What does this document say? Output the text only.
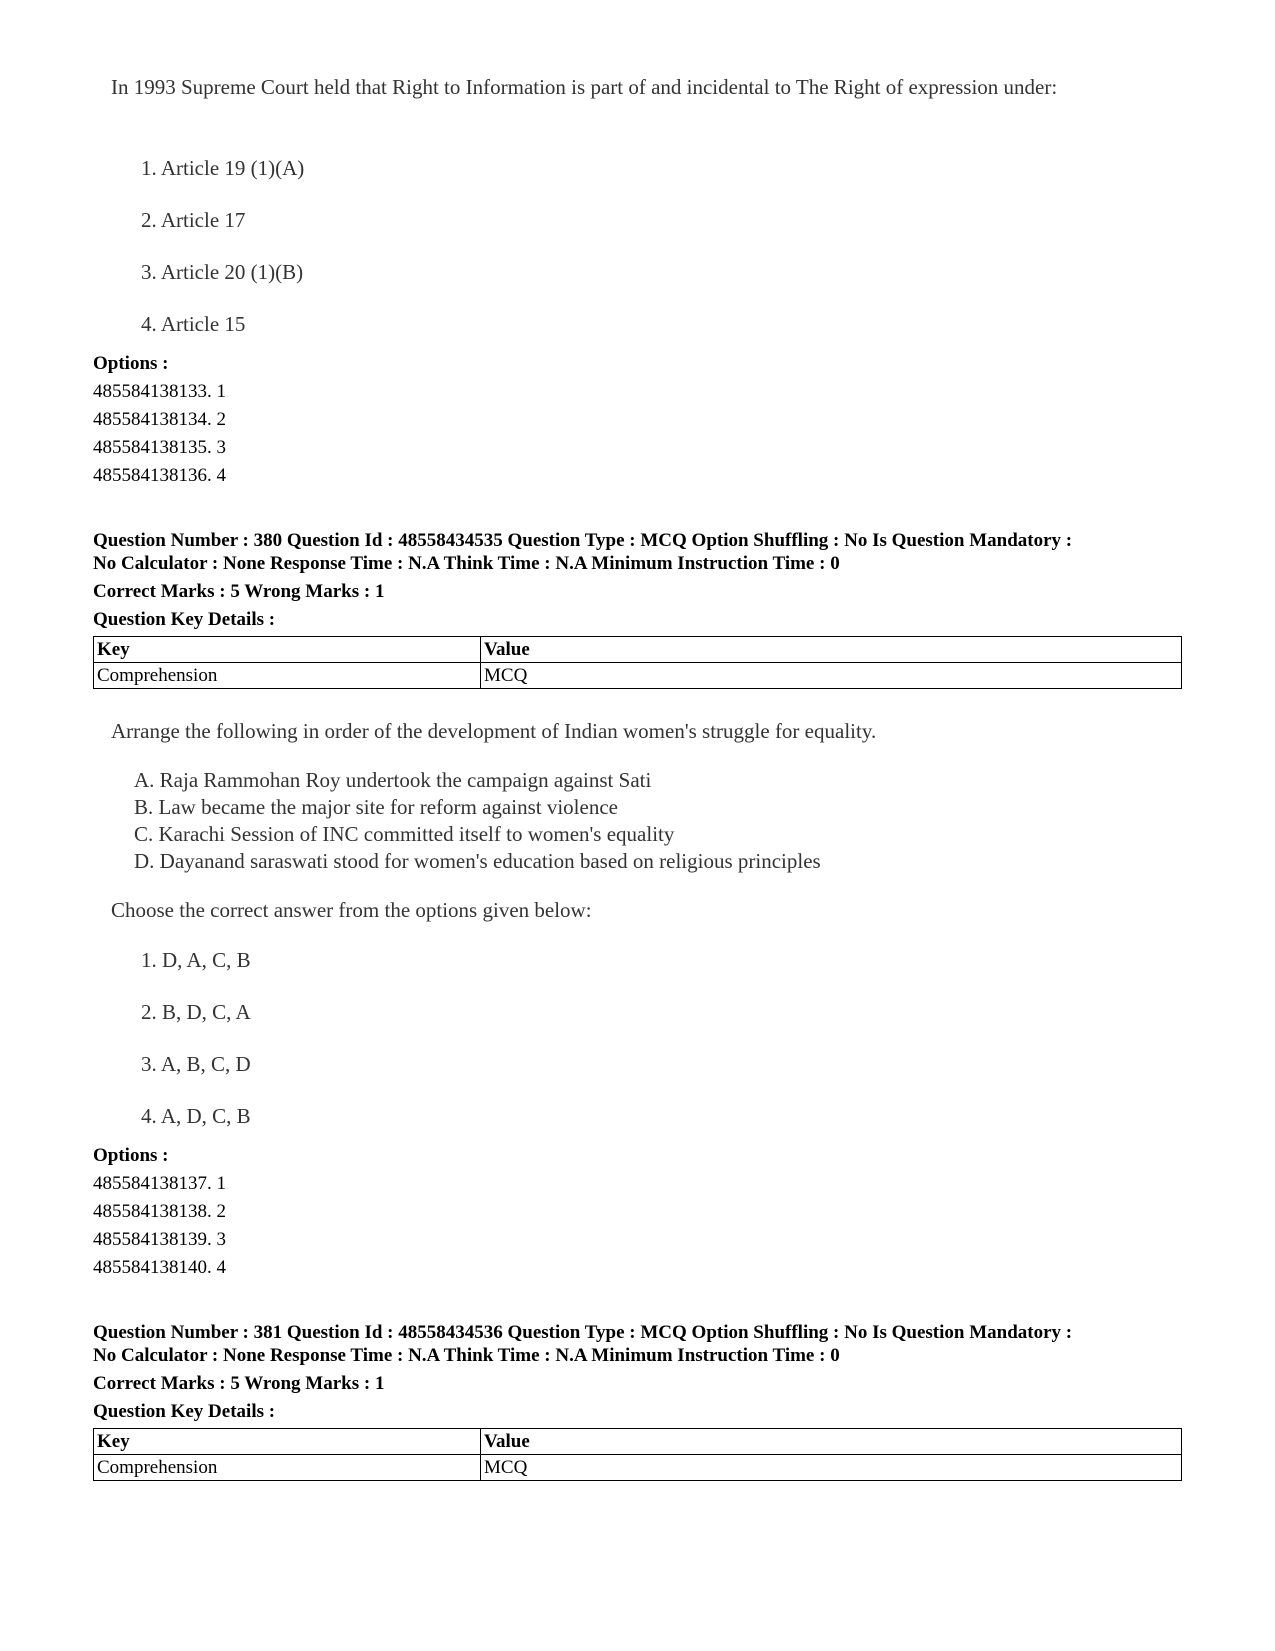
In 1993 Supreme Court held that Right to Information is part of and incidental to The Right of expression under:
1. Article 19 (1)(A)
2. Article 17
3. Article 20 (1)(B)
4. Article 15
Options :
485584138133. 1
485584138134. 2
485584138135. 3
485584138136. 4
Question Number : 380 Question Id : 48558434535 Question Type : MCQ Option Shuffling : No Is Question Mandatory :
No Calculator : None Response Time : N.A Think Time : N.A Minimum Instruction Time : 0
Correct Marks : 5 Wrong Marks : 1
Question Key Details :
Key	Value
Comprehension	MCQ
Arrange the following in order of the development of Indian women's struggle for equality.
A. Raja Rammohan Roy undertook the campaign against Sati
B. Law became the major site for reform against violence
C. Karachi Session of INC committed itself to women's equality
D. Dayanand saraswati stood for women's education based on religious principles
Choose the correct answer from the options given below:
1. D, A, C, B
2. B, D, C, A
3. A, B, C, D
4. A, D, C, B
Options :
485584138137. 1
485584138138. 2
485584138139. 3
485584138140. 4
Question Number : 381 Question Id : 48558434536 Question Type : MCQ Option Shuffling : No Is Question Mandatory :
No Calculator : None Response Time : N.A Think Time : N.A Minimum Instruction Time : 0
Correct Marks : 5 Wrong Marks : 1
Question Key Details :
Key	Value
Comprehension	MCQ
